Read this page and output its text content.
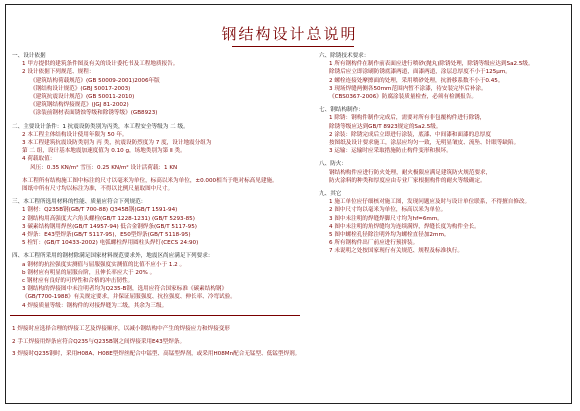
钢结构设计总说明
一、设计依据
1 甲方提供的建筑条件图及有关的设计委托书及工程地质报告。
2 设计依据下列规范、规程：
《建筑结构荷载规范》(GB 50009-2001)2006年版
《钢结构设计规范》(GBJ 50017-2003)
《建筑抗震设计规范》(GB 50011-2010)
《建筑钢结构焊接规范》(JGJ 81-2002)
《涂装前钢材表面锈蚀等级和除锈等级》(GB8923)
二、主要设计条件：1 抗震设防类别为丙类，本工程安全等级为 二 级。
2 本工程主体结构设计使用年限为 50 年。
3 本工程建筑抗震设防类别为 丙 类，抗震设防烈度为 7 度，设计地震分组为
第 二 组，设计基本地震加速度值为 0.10 g，场地类别为第 Ⅱ 类。
4 荷载取值：
风压：0.35 KN/m² 雪压：0.25 KN/m² 设计活荷载：1 KN
本工程所有结构施工图中标注的尺寸以毫米为单位，标高以米为单位，±0.000相当于绝对标高见建施。
图纸中所有尺寸均以标注为准，不得以比例尺量取图中尺寸。
三、本工程所选用材料的性能、质量应符合下列规范：
1 钢材：Q235B钢(GB/T 700-88) Q345B钢(GB/T 1591-94)
2 钢结构用高强度大六角头螺栓(GB/T 1228-1231) (GB/T 5293-85)
3 碳素结构钢用焊丝(GB/T 14957-94) 低合金钢焊条(GB/T 5117-95)
4 焊条：E43型焊条(GB/T 5117-95)，E50型焊条(GB/T 5118-95)
5 栓钉：(GB/T 10433-2002) 电弧螺柱焊用圆柱头焊钉(CECS 24:90)
四、本工程所采用的钢材除满足国家材料规范要求外，地震区尚应满足下列要求：
a 钢材的抗拉强度实测值与屈服强度实测值的比值不应小于 1.2 。
b 钢材应有明显的屈服台阶，且伸长率应大于 20% 。
c 钢材应有良好的可焊性和合格的冲击韧性。
3 钢结构的焊接图中未注明者均为Q235-B钢，选用应符合国家标准《碳素结构钢》
《GB/T700-1988》有关规定要求，并保证屈服强度、抗拉强度、伸长率、冷弯试验。
4 焊接质量等级：钢构件的对接焊缝为二级，其余为三级。
1 焊接时应选择合理的焊接工艺及焊接顺序，以减小钢结构中产生的焊接应力和焊接变形
2 手工焊接用焊条应符合Q235与Q235B钢之间焊接采用E43型焊条。
3 焊接时Q235钢时，采用H08A、H08E型焊丝配合中锰型、高锰型焊剂，或采用H08Mn配合无锰型、低锰型焊剂。
六、除锈技术要求：
1 所有钢构件在制作前表面应进行喷砂(抛丸)除锈处理，除锈等级应达到Sa2.5级。
除锈后应立即涂刷防锈底漆两道，面漆两道，涂层总厚度不小于125μm。
2 螺栓连接处摩擦面的处理，采用喷砂处理，抗滑移系数不小于0.45。
3 现场焊缝两侧各50mm范围内暂不涂漆，待安装完毕后补涂。
《CBS0367-2006》防腐涂装质量检查，必须有检测报告。
七、钢结构制作：
1 除锈：钢构件制作完成后，需要对所有非包覆构件进行除锈，
除锈等级应达到GB/T 8923规定的Sa2.5级。
2 涂装：除锈完成后立即进行涂装，底漆、中间漆和面漆的总厚度
按图纸及设计要求施工，涂层应均匀一致，无明显皱皮、流坠、针眼等缺陷。
3 运输：运输时应采取措施防止构件变形和损坏。
八、防火：
钢结构构件应进行防火处理，耐火极限应满足建筑防火规范要求，
防火涂料的种类和厚度应由专业厂家根据构件的耐火等级确定。
九、其它
1 施工单位应仔细核对施工图，发现问题应及时与设计单位联系，不得擅自修改。
2 图中尺寸均以毫米为单位，标高以米为单位。
3 图中未注明的焊缝焊脚尺寸均为hf=6mm。
4 图中未注明的角焊缝均为连续满焊，焊缝长度为构件全长。
5 图中螺栓孔径除注明外均为螺栓直径加2mm。
6 所有钢构件出厂前应进行预拼装。
7 未说明之处按国家现行有关规范、规程及标准执行。
